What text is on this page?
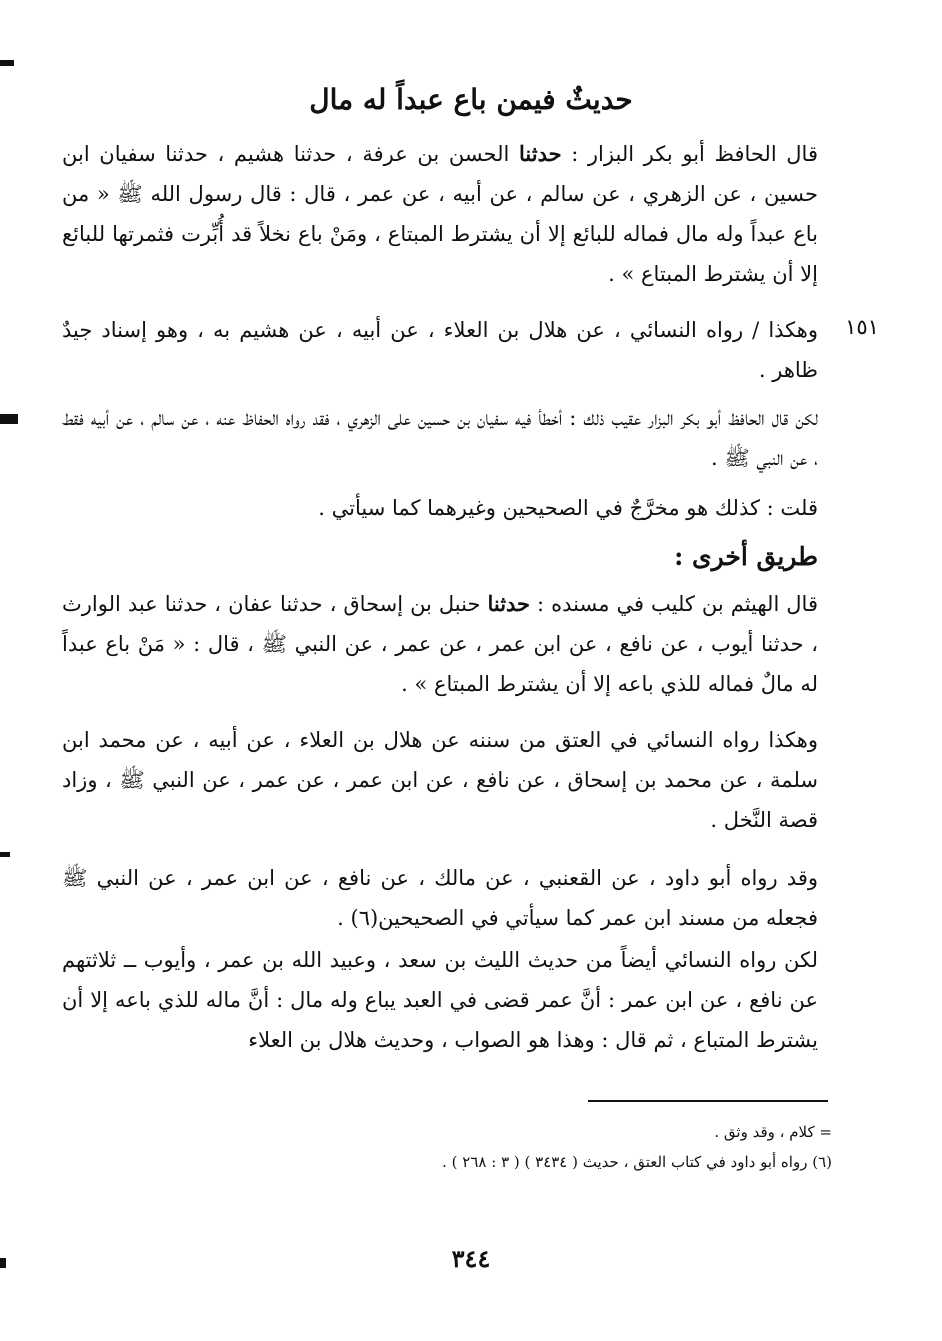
حديثٌ فيمن باع عبداً له مال
قال الحافظ أبو بكر البزار : حدثنا الحسن بن عرفة ، حدثنا هشيم ، حدثنا سفيان ابن حسين ، عن الزهري ، عن سالم ، عن أبيه ، عن عمر ، قال : قال رسول الله ﷺ « من باع عبداً وله مال فماله للبائع إلا أن يشترط المبتاع ، ومَنْ باع نخلاً قد أُبِّرت فثمرتها للبائع إلا أن يشترط المبتاع » .
١٥١
وهكذا / رواه النسائي ، عن هلال بن العلاء ، عن أبيه ، عن هشيم به ، وهو إسناد جيدٌ ظاهر .
لكن قال الحافظ أبو بكر البزار عقيب ذلك : أخطأ فيه سفيان بن حسين على الزهري ، فقد رواه الحفاظ عنه ، عن سالم ، عن أبيه فقط ، عن النبي ﷺ .
قلت : كذلك هو مخرَّجٌ في الصحيحين وغيرهما كما سيأتي .
طريق أخرى :
قال الهيثم بن كليب في مسنده : حدثنا حنبل بن إسحاق ، حدثنا عفان ، حدثنا عبد الوارث ، حدثنا أيوب ، عن نافع ، عن ابن عمر ، عن عمر ، عن النبي ﷺ ، قال : « مَنْ باع عبداً له مالٌ فماله للذي باعه إلا أن يشترط المبتاع » .
وهكذا رواه النسائي في العتق من سننه عن هلال بن العلاء ، عن أبيه ، عن محمد ابن سلمة ، عن محمد بن إسحاق ، عن نافع ، عن ابن عمر ، عن عمر ، عن النبي ﷺ ، وزاد قصة النَّخل .
وقد رواه أبو داود ، عن القعنبي ، عن مالك ، عن نافع ، عن ابن عمر ، عن النبي ﷺ فجعله من مسند ابن عمر كما سيأتي في الصحيحين(٦) .
لكن رواه النسائي أيضاً من حديث الليث بن سعد ، وعبيد الله بن عمر ، وأيوب ــ ثلاثتهم عن نافع ، عن ابن عمر : أنَّ عمر قضى في العبد يباع وله مال : أنَّ ماله للذي باعه إلا أن يشترط المتباع ، ثم قال : وهذا هو الصواب ، وحديث هلال بن العلاء
= كلام ، وقد وثق .
(٦) رواه أبو داود في كتاب العتق ، حديث ( ٣٤٣٤ ) ( ٣ : ٢٦٨ ) .
٣٤٤
